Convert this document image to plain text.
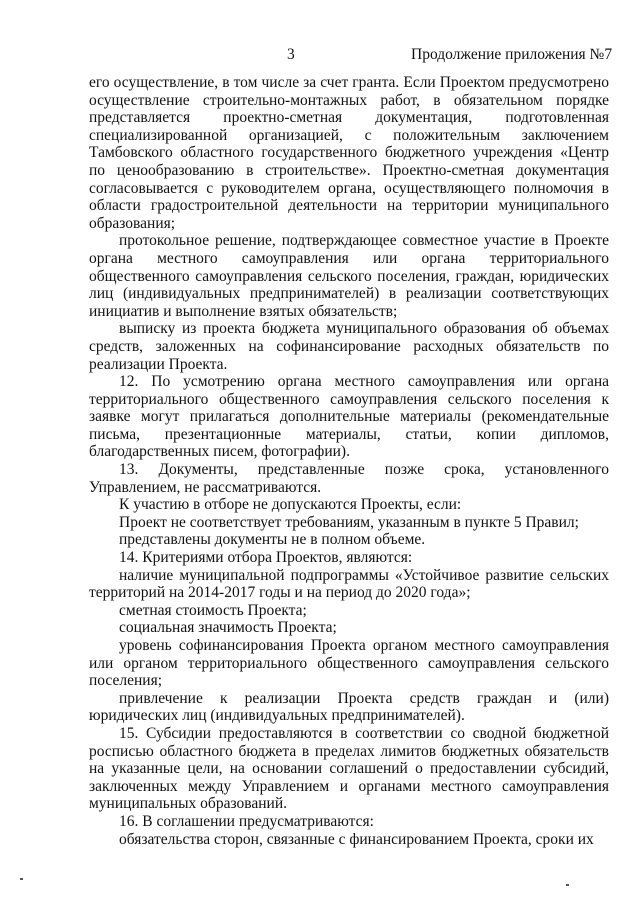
3	Продолжение приложения №7

его осуществление, в том числе за счет гранта. Если Проектом предусмотрено осуществление строительно-монтажных работ, в обязательном порядке представляется проектно-сметная документация, подготовленная специализированной организацией, с положительным заключением Тамбовского областного государственного бюджетного учреждения «Центр по ценообразованию в строительстве». Проектно-сметная документация согласовывается с руководителем органа, осуществляющего полномочия в области градостроительной деятельности на территории муниципального образования;

протокольное решение, подтверждающее совместное участие в Проекте органа местного самоуправления или органа территориального общественного самоуправления сельского поселения, граждан, юридических лиц (индивидуальных предпринимателей) в реализации соответствующих инициатив и выполнение взятых обязательств;

выписку из проекта бюджета муниципального образования об объемах средств, заложенных на софинансирование расходных обязательств по реализации Проекта.

12. По усмотрению органа местного самоуправления или органа территориального общественного самоуправления сельского поселения к заявке могут прилагаться дополнительные материалы (рекомендательные письма, презентационные материалы, статьи, копии дипломов, благодарственных писем, фотографии).

13. Документы, представленные позже срока, установленного Управлением, не рассматриваются.

К участию в отборе не допускаются Проекты, если:

Проект не соответствует требованиям, указанным в пункте 5 Правил;

представлены документы не в полном объеме.

14. Критериями отбора Проектов, являются:

наличие муниципальной подпрограммы «Устойчивое развитие сельских территорий на 2014-2017 годы и на период до 2020 года»;

сметная стоимость Проекта;

социальная значимость Проекта;

уровень софинансирования Проекта органом местного самоуправления или органом территориального общественного самоуправления сельского поселения;

привлечение к реализации Проекта средств граждан и (или) юридических лиц (индивидуальных предпринимателей).

15. Субсидии предоставляются в соответствии со сводной бюджетной росписью областного бюджета в пределах лимитов бюджетных обязательств на указанные цели, на основании соглашений о предоставлении субсидий, заключенных между Управлением и органами местного самоуправления муниципальных образований.

16. В соглашении предусматриваются:

обязательства сторон, связанные с финансированием Проекта, сроки их
